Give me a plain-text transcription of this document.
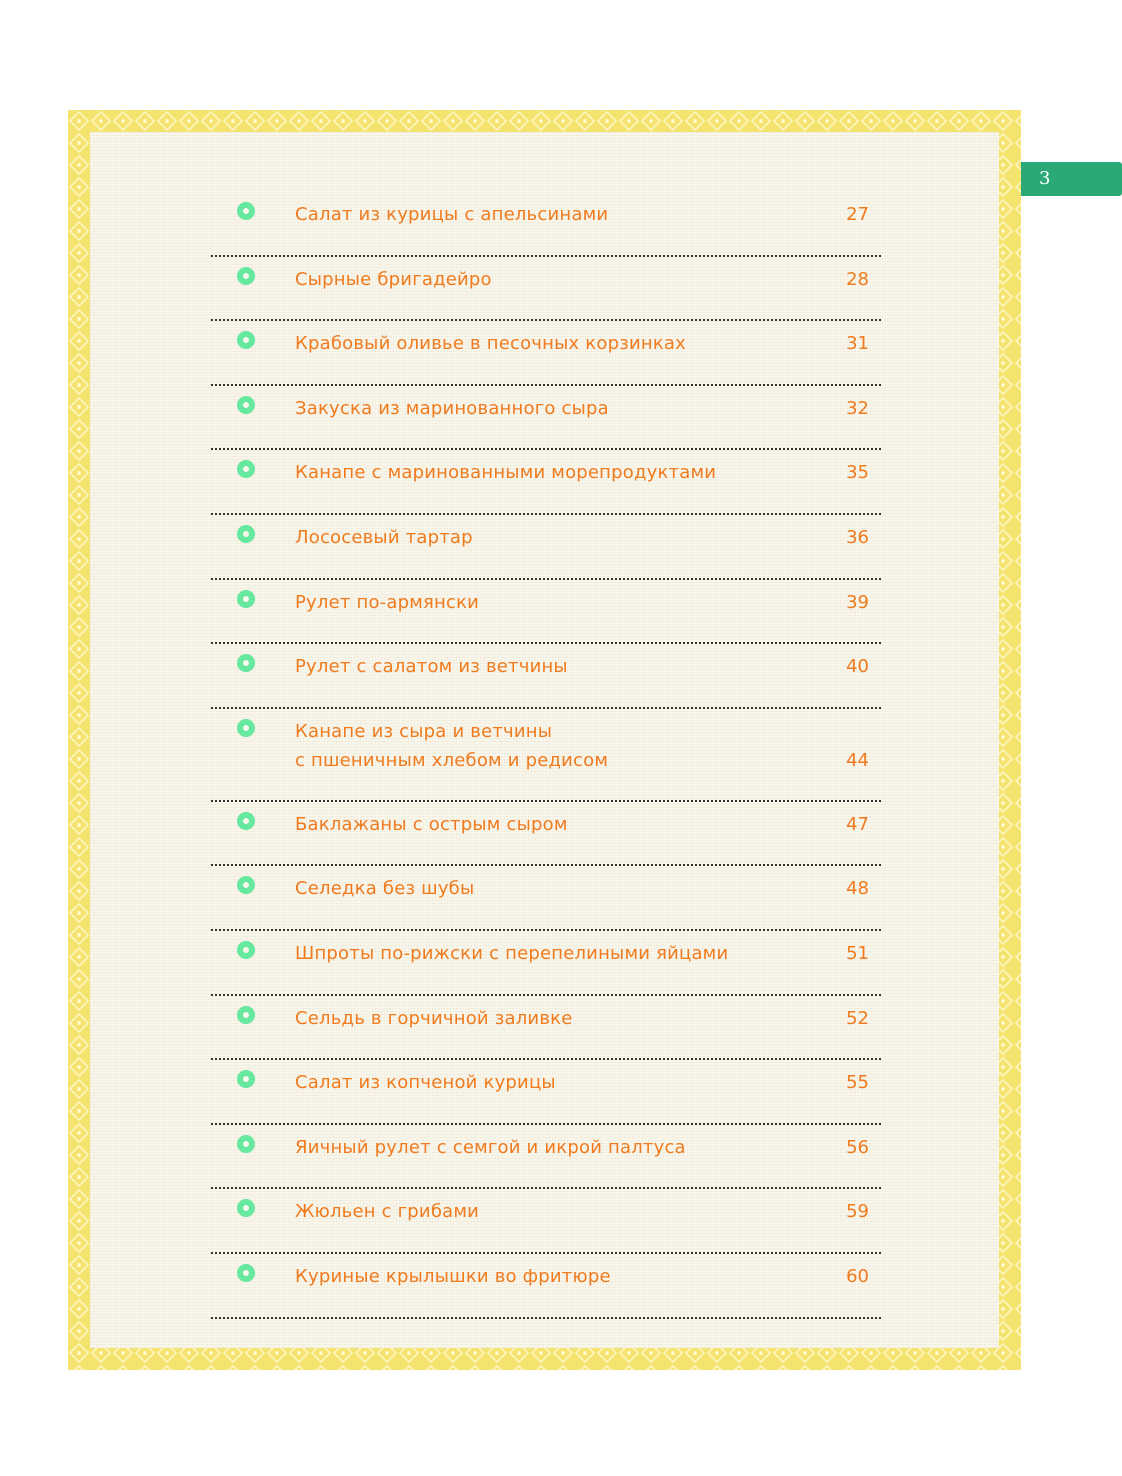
3
Салат из курицы с апельсинами	27
Сырные бригадейро	28
Крабовый оливье в песочных корзинках	31
Закуска из маринованного сыра	32
Канапе с маринованными морепродуктами	35
Лососевый тартар	36
Рулет по-армянски	39
Рулет с салатом из ветчины	40
Канапе из сыра и ветчины
с пшеничным хлебом и редисом	44
Баклажаны с острым сыром	47
Селедка без шубы	48
Шпроты по-рижски с перепелиными яйцами	51
Сельдь в горчичной заливке	52
Салат из копченой курицы	55
Яичный рулет с семгой и икрой палтуса	56
Жюльен с грибами	59
Куриные крылышки во фритюре	60
